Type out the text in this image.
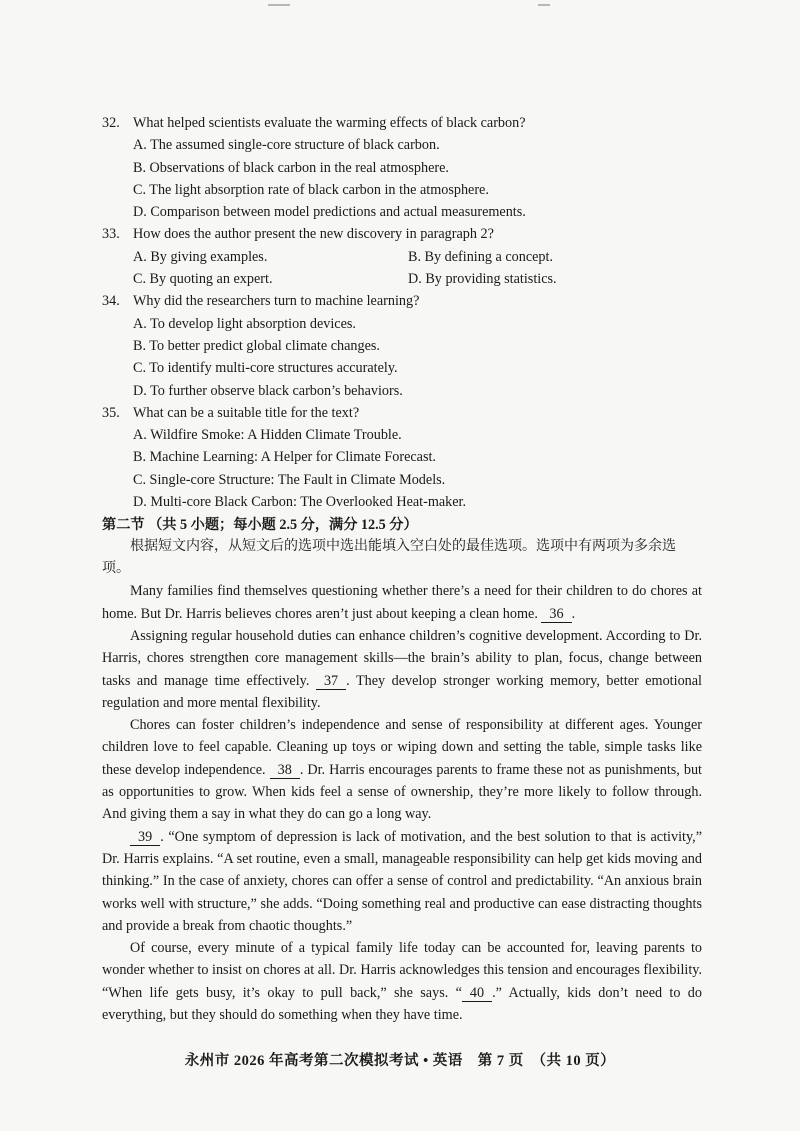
32. What helped scientists evaluate the warming effects of black carbon?
A. The assumed single-core structure of black carbon.
B. Observations of black carbon in the real atmosphere.
C. The light absorption rate of black carbon in the atmosphere.
D. Comparison between model predictions and actual measurements.
33. How does the author present the new discovery in paragraph 2?
A. By giving examples.	B. By defining a concept.
C. By quoting an expert.	D. By providing statistics.
34. Why did the researchers turn to machine learning?
A. To develop light absorption devices.
B. To better predict global climate changes.
C. To identify multi-core structures accurately.
D. To further observe black carbon’s behaviors.
35. What can be a suitable title for the text?
A. Wildfire Smoke: A Hidden Climate Trouble.
B. Machine Learning: A Helper for Climate Forecast.
C. Single-core Structure: The Fault in Climate Models.
D. Multi-core Black Carbon: The Overlooked Heat-maker.
第二节 （共 5 小题；每小题 2.5 分，满分 12.5 分）
根据短文内容，从短文后的选项中选出能填入空白处的最佳选项。选项中有两项为多余选项。
Many families find themselves questioning whether there’s a need for their children to do chores at home. But Dr. Harris believes chores aren’t just about keeping a clean home. 36 .
Assigning regular household duties can enhance children’s cognitive development. According to Dr. Harris, chores strengthen core management skills—the brain’s ability to plan, focus, change between tasks and manage time effectively. 37 . They develop stronger working memory, better emotional regulation and more mental flexibility.
Chores can foster children’s independence and sense of responsibility at different ages. Younger children love to feel capable. Cleaning up toys or wiping down and setting the table, simple tasks like these develop independence. 38 . Dr. Harris encourages parents to frame these not as punishments, but as opportunities to grow. When kids feel a sense of ownership, they’re more likely to follow through. And giving them a say in what they do can go a long way.
39 . “One symptom of depression is lack of motivation, and the best solution to that is activity,” Dr. Harris explains. “A set routine, even a small, manageable responsibility can help get kids moving and thinking.” In the case of anxiety, chores can offer a sense of control and predictability. “An anxious brain works well with structure,” she adds. “Doing something real and productive can ease distracting thoughts and provide a break from chaotic thoughts.”
Of course, every minute of a typical family life today can be accounted for, leaving parents to wonder whether to insist on chores at all. Dr. Harris acknowledges this tension and encourages flexibility. “When life gets busy, it’s okay to pull back,” she says. “ 40 .” Actually, kids don’t need to do everything, but they should do something when they have time.
永州市 2026 年高考第二次模拟考试 • 英语　第 7 页　（共 10 页）
